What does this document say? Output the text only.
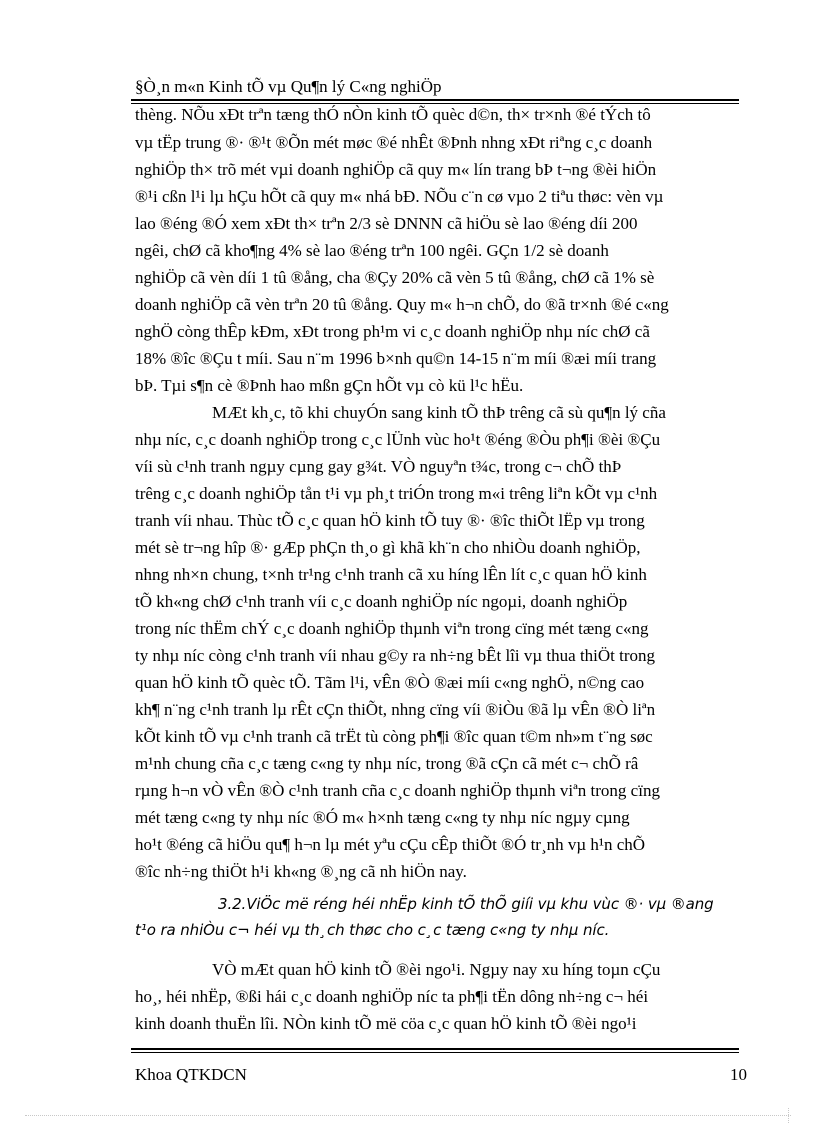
§Ò¸n m«n Kinh tÕ vµ Qu¶n lý C«ng nghiÖp
thèng. NÕu xÐt trªn tæng thÓ nÒn kinh tÕ quèc d©n, th× tr×nh ®é tÝch tô
vµ tËp trung ®· ®¹t ®Õn mét møc ®é nhÊt ®Þnh nhng xÐt riªng c¸c doanh
nghiÖp th× trõ mét vµi doanh nghiÖp cã quy m« lín trang bÞ t¬ng ®èi hiÖn
®¹i cßn l¹i lµ hÇu hÕt cã quy m« nhá bÐ. NÕu c¨n cø vµo 2 tiªu thøc: vèn vµ
lao ®éng ®Ó xem xÐt th× trªn 2/3 sè DNNN cã hiÖu sè lao ®éng díi 200
ngêi, chØ cã kho¶ng 4% sè lao ®éng trªn 100 ngêi. GÇn 1/2 sè doanh
nghiÖp cã vèn díi 1 tû ®ång, cha ®Çy 20% cã vèn 5 tû ®ång, chØ cã 1% sè
doanh nghiÖp cã vèn trªn 20 tû ®ång. Quy m« h¬n chÕ, do ®ã tr×nh ®é c«ng
nghÖ còng thÊp kÐm, xÐt trong ph¹m vi c¸c doanh nghiÖp nhµ níc chØ cã
18% ®îc ®Çu t míi. Sau n¨m 1996 b×nh qu©n 14-15 n¨m míi ®æi míi trang
bÞ. Tµi s¶n cè ®Þnh hao mßn gÇn hÕt vµ cò kü l¹c hËu.
MÆt kh¸c, tõ khi chuyÓn sang kinh tÕ thÞ trêng cã sù qu¶n lý cña
nhµ níc, c¸c doanh nghiÖp trong c¸c lÜnh vùc ho¹t ®éng ®Òu ph¶i ®èi ®Çu
víi sù c¹nh tranh ngµy cµng gay g¾t. VÒ nguyªn t¾c, trong c¬ chÕ thÞ
trêng c¸c doanh nghiÖp tån t¹i vµ ph¸t triÓn trong m«i trêng liªn kÕt vµ c¹nh
tranh víi nhau. Thùc tÕ c¸c quan hÖ kinh tÕ tuy ®· ®îc thiÕt lËp vµ trong
mét sè tr¬ng hîp ®· gÆp phÇn th¸o gì khã kh¨n cho nhiÒu doanh nghiÖp,
nhng nh×n chung, t×nh tr¹ng c¹nh tranh cã xu híng lÊn lít c¸c quan hÖ kinh
tÕ kh«ng chØ c¹nh tranh víi c¸c doanh nghiÖp níc ngoµi, doanh nghiÖp
trong níc thËm chÝ c¸c doanh nghiÖp thµnh viªn trong cïng mét tæng c«ng
ty nhµ níc còng c¹nh tranh víi nhau g©y ra nh÷ng bÊt lîi vµ thua thiÖt trong
quan hÖ kinh tÕ quèc tÕ. Tãm l¹i, vÊn ®Ò ®æi míi c«ng nghÖ, n©ng cao
kh¶ n¨ng c¹nh tranh lµ rÊt cÇn thiÕt, nhng cïng víi ®iÒu ®ã lµ vÊn ®Ò liªn
kÕt kinh tÕ vµ c¹nh tranh cã trËt tù còng ph¶i ®îc quan t©m nh»m t¨ng søc
m¹nh chung cña c¸c tæng c«ng ty nhµ níc, trong ®ã cÇn cã mét c¬ chÕ râ
rµng h¬n vÒ vÊn ®Ò c¹nh tranh cña c¸c doanh nghiÖp thµnh viªn trong cïng
mét tæng c«ng ty nhµ níc ®Ó m« h×nh tæng c«ng ty nhµ níc ngµy cµng
ho¹t ®éng cã hiÖu qu¶ h¬n lµ mét yªu cÇu cÊp thiÕt ®Ó tr¸nh vµ h¹n chÕ
®îc nh÷ng thiÖt h¹i kh«ng ®¸ng cã nh hiÖn nay.
3.2.ViÖc më réng héi nhËp kinh tÕ thÕ giíi vµ khu vùc ®· vµ ®ang
t¹o ra nhiÒu c¬ héi vµ th¸ch thøc cho c¸c tæng c«ng ty nhµ níc.
VÒ mÆt quan hÖ kinh tÕ ®èi ngo¹i. Ngµy nay xu híng toµn cÇu
ho¸, héi nhËp, ®ßi hái c¸c doanh nghiÖp níc ta ph¶i tËn dông nh÷ng c¬ héi
kinh doanh thuËn lîi. NÒn kinh tÕ më cöa c¸c quan hÖ kinh tÕ ®èi ngo¹i
Khoa QTKDCN	10
